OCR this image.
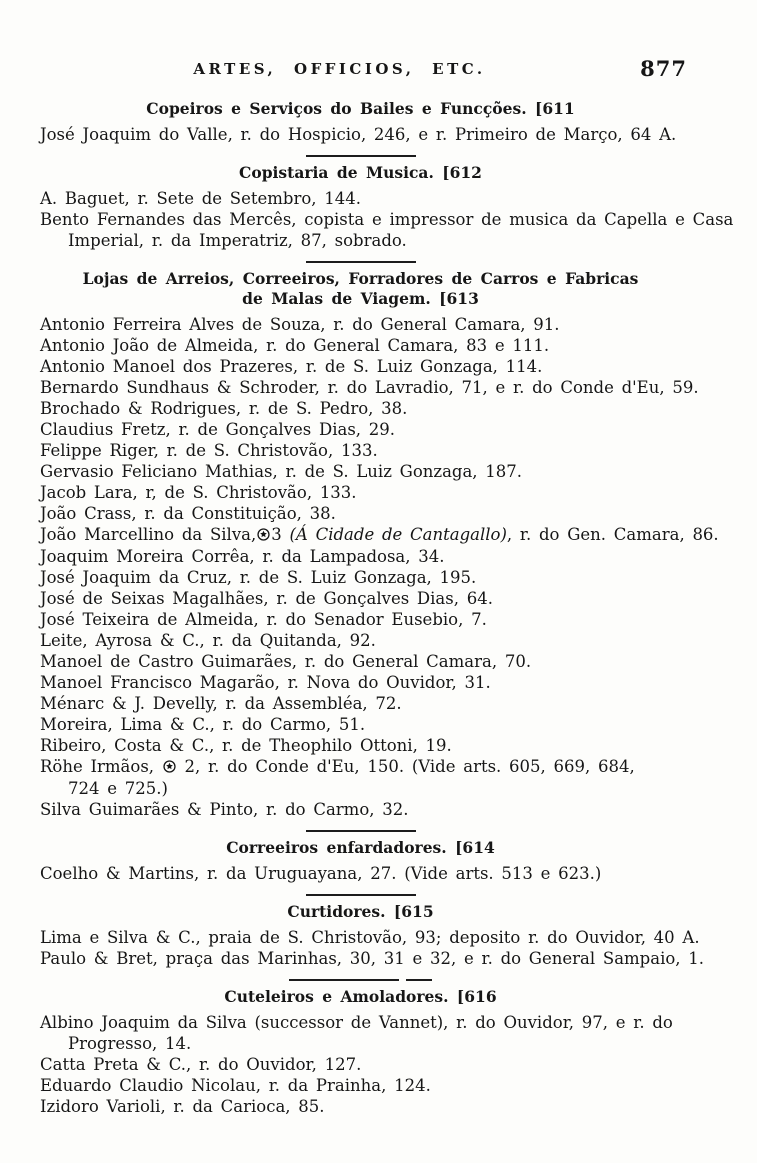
ARTES, OFFICIOS, ETC.	877
Copeiros e Serviços do Bailes e Funcções. [611

José Joaquim do Valle, r. do Hospicio, 246, e r. Primeiro de Março, 64 A.

Copistaria de Musica. [612

A. Baguet, r. Sete de Setembro, 144.

Bento Fernandes das Mercês, copista e impressor de musica da Capella e Casa
Imperial, r. da Imperatriz, 87, sobrado.

Lojas de Arreios, Correeiros, Forradores de Carros e Fabricas
de Malas de Viagem. [613

Antonio Ferreira Alves de Souza, r. do General Camara, 91.

Antonio João de Almeida, r. do General Camara, 83 e 111.

Antonio Manoel dos Prazeres, r. de S. Luiz Gonzaga, 114.

Bernardo Sundhaus & Schroder, r. do Lavradio, 71, e r. do Conde d'Eu, 59.

Brochado & Rodrigues, r. de S. Pedro, 38.

Claudius Fretz, r. de Gonçalves Dias, 29.

Felippe Riger, r. de S. Christovão, 133.

Gervasio Feliciano Mathias, r. de S. Luiz Gonzaga, 187.

Jacob Lara, r, de S. Christovão, 133.

João Crass, r. da Constituição, 38.

João Marcellino da Silva, 3 (Á Cidade de Cantagallo), r. do Gen. Camara, 86.

Joaquim Moreira Corrêa, r. da Lampadosa, 34.

José Joaquim da Cruz, r. de S. Luiz Gonzaga, 195.

José de Seixas Magalhães, r. de Gonçalves Dias, 64.

José Teixeira de Almeida, r. do Senador Eusebio, 7.

Leite, Ayrosa & C., r. da Quitanda, 92.

Manoel de Castro Guimarães, r. do General Camara, 70.

Manoel Francisco Magarão, r. Nova do Ouvidor, 31.

Ménarc & J. Develly, r. da Assembléa, 72.

Moreira, Lima & C., r. do Carmo, 51.

Ribeiro, Costa & C., r. de Theophilo Ottoni, 19.

Röhe Irmãos,  2, r. do Conde d'Eu, 150. (Vide arts. 605, 669, 684,
724 e 725.)

Silva Guimarães & Pinto, r. do Carmo, 32.

Correeiros enfardadores. [614

Coelho & Martins, r. da Uruguayana, 27. (Vide arts. 513 e 623.)

Curtidores. [615

Lima e Silva & C., praia de S. Christovão, 93; deposito r. do Ouvidor, 40 A.

Paulo & Bret, praça das Marinhas, 30, 31 e 32, e r. do General Sampaio, 1.

Cuteleiros e Amoladores. [616

Albino Joaquim da Silva (successor de Vannet), r. do Ouvidor, 97, e r. do
Progresso, 14.

Catta Preta & C., r. do Ouvidor, 127.

Eduardo Claudio Nicolau, r. da Prainha, 124.

Izidoro Varioli, r. da Carioca, 85.
